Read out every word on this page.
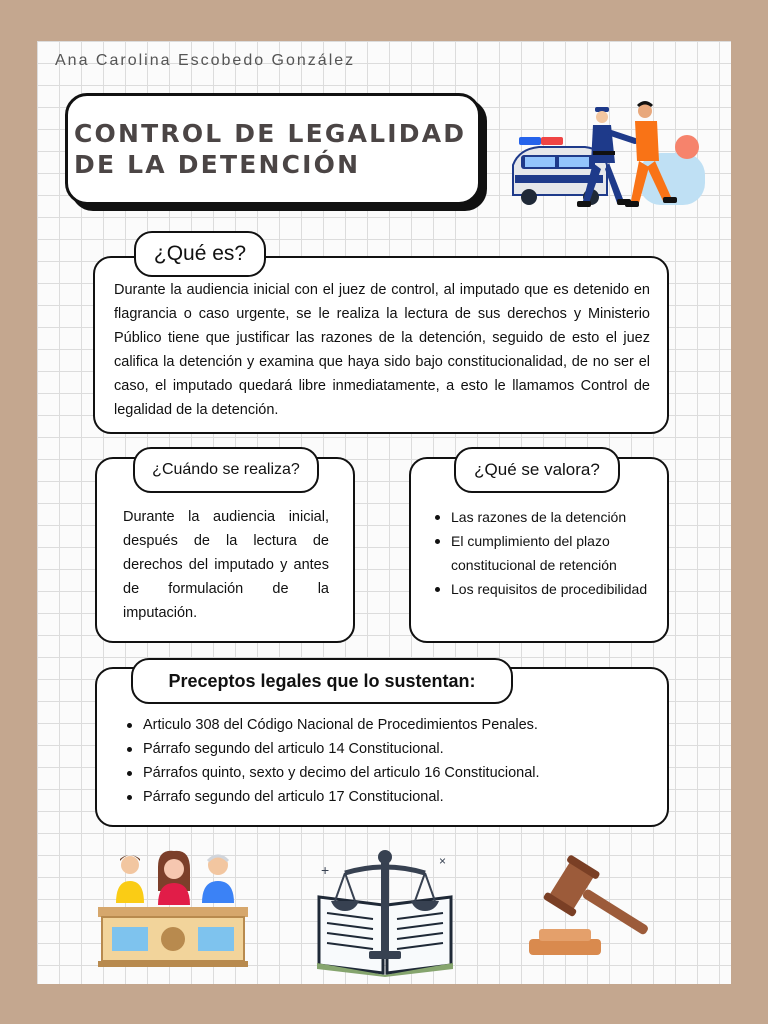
Ana Carolina Escobedo González
CONTROL DE LEGALIDAD
DE LA DETENCIÓN
Durante la audiencia inicial con el juez de control, al imputado que es detenido en flagrancia o caso urgente, se le realiza la lectura de sus derechos y Ministerio Público tiene que justificar las razones de la detención, seguido de esto el juez califica la detención y examina que haya sido bajo constitucionalidad, de no ser el caso, el imputado quedará libre inmediatamente, a esto le llamamos Control de legalidad de la detención.
¿Qué es?
Durante la audiencia inicial, después de la lectura de derechos del imputado y antes de formulación de la imputación.
¿Cuándo se realiza?
Las razones de la detención
El cumplimiento del plazo constitucional de retención
Los requisitos de procedibilidad
¿Qué se valora?
Articulo 308 del Código Nacional de Procedimientos Penales.
Párrafo segundo del articulo 14 Constitucional.
Párrafos quinto, sexto y decimo del articulo 16 Constitucional.
Párrafo segundo del articulo 17 Constitucional.
Preceptos legales que lo sustentan:
+
×
